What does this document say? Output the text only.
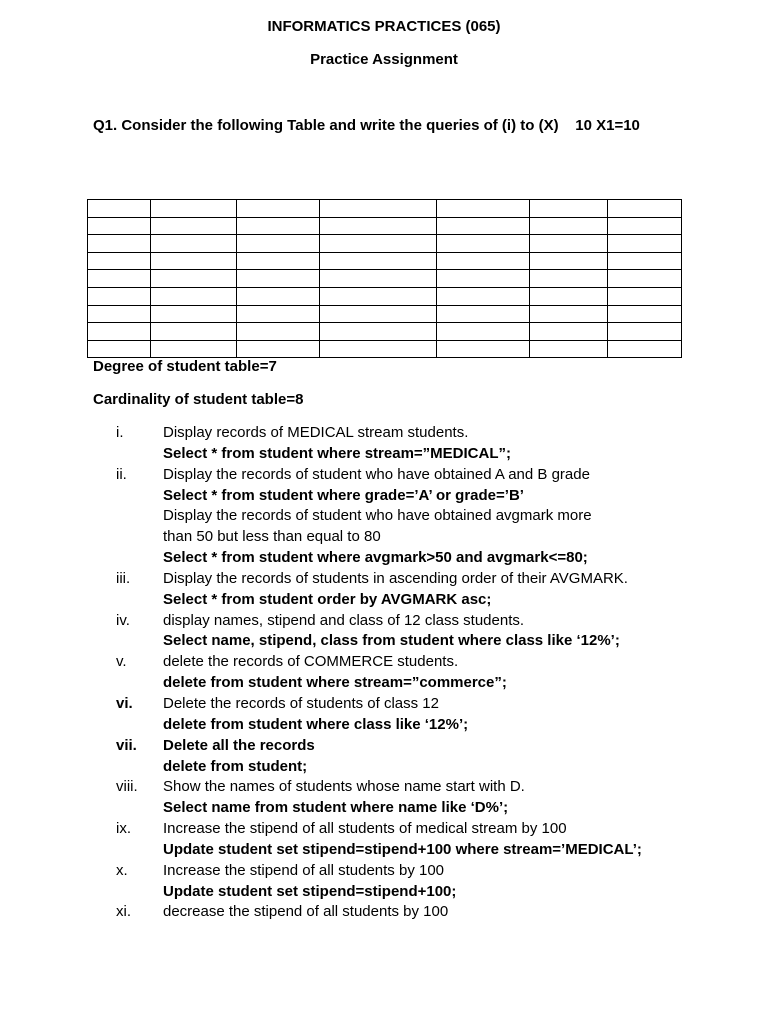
INFORMATICS PRACTICES (065)
Practice Assignment
Q1. Consider the following Table and write the queries of (i) to (X)    10 X1=10

Degree of student table=7
Cardinality of student table=8
i.	Display records of MEDICAL stream students.
Select * from student where stream=”MEDICAL”;
ii. Display the records of student who have obtained A and B grade
Select * from student where grade=’A’ or grade=’B’
Display the records of student who have obtained avgmark more
than 50 but less than equal to 80
Select * from student where avgmark>50 and avgmark<=80;
iii. Display the records of students in ascending order of their AVGMARK.
Select * from student order by AVGMARK asc;
iv. display names, stipend and class of 12 class students.
Select name, stipend, class from student where class like ‘12%’;
v. delete the records of COMMERCE students.
delete from student where stream=”commerce”;
vi. Delete the records of students of class 12
delete from student where class like ‘12%’;
vii. Delete all the records
delete from student;
viii. Show the names of students whose name start with D.
Select name from student where name like ‘D%’;
ix. Increase the stipend of all students of medical stream by 100
Update student set stipend=stipend+100 where stream=’MEDICAL’;
x. Increase the stipend of all students by 100
Update student set stipend=stipend+100;
xi. decrease the stipend of all students by 100
